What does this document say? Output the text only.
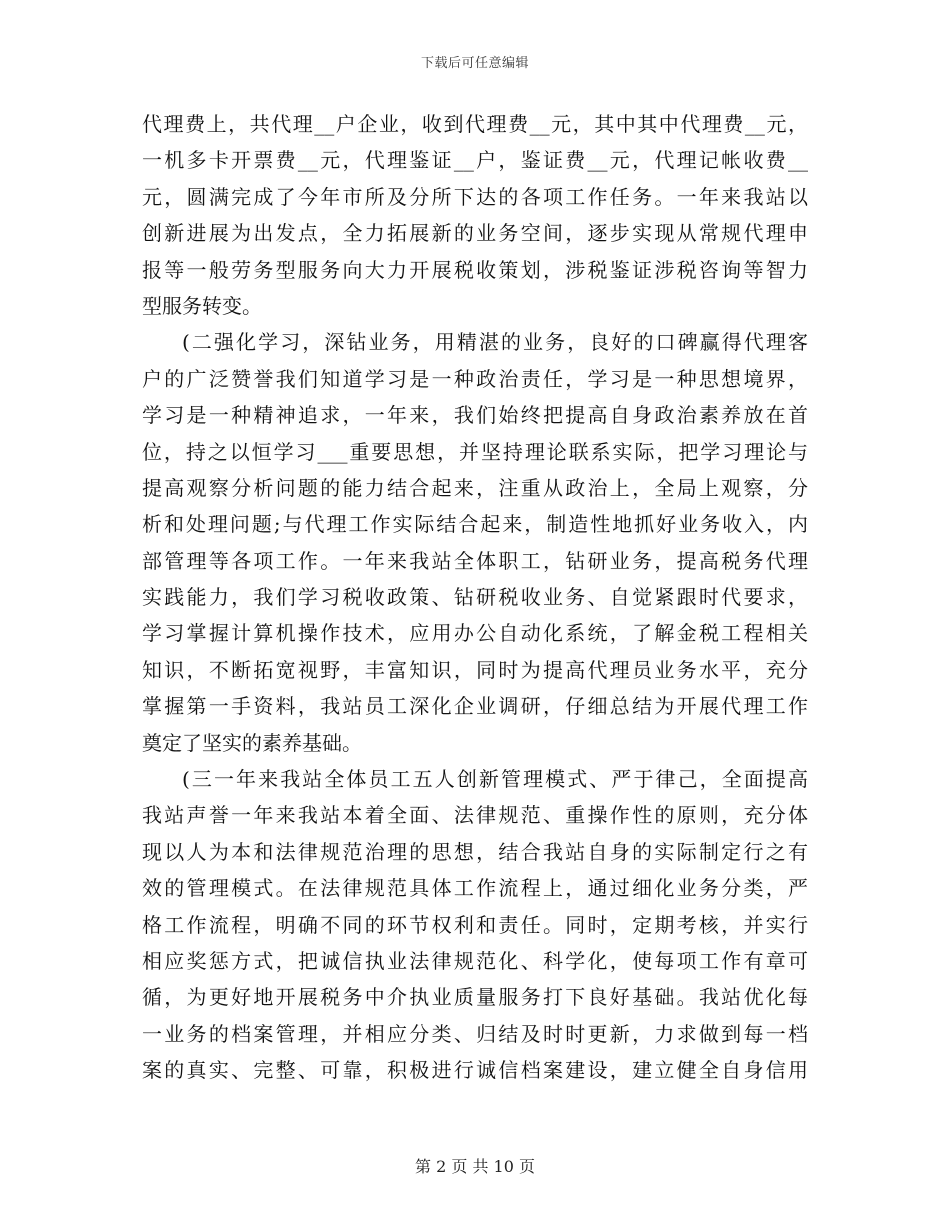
下载后可任意编辑
代理费上，共代理__户企业，收到代理费__元，其中其中代理费__元，
一机多卡开票费__元，代理鉴证__户，鉴证费__元，代理记帐收费__
元，圆满完成了今年市所及分所下达的各项工作任务。一年来我站以
创新进展为出发点，全力拓展新的业务空间，逐步实现从常规代理申
报等一般劳务型服务向大力开展税收策划，涉税鉴证涉税咨询等智力
型服务转变。
(二强化学习，深钻业务，用精湛的业务，良好的口碑赢得代理客
户的广泛赞誉我们知道学习是一种政治责任，学习是一种思想境界，
学习是一种精神追求，一年来，我们始终把提高自身政治素养放在首
位，持之以恒学习___重要思想，并坚持理论联系实际，把学习理论与
提高观察分析问题的能力结合起来，注重从政治上，全局上观察，分
析和处理问题;与代理工作实际结合起来，制造性地抓好业务收入，内
部管理等各项工作。一年来我站全体职工，钻研业务，提高税务代理
实践能力，我们学习税收政策、钻研税收业务、自觉紧跟时代要求，
学习掌握计算机操作技术，应用办公自动化系统，了解金税工程相关
知识，不断拓宽视野，丰富知识，同时为提高代理员业务水平，充分
掌握第一手资料，我站员工深化企业调研，仔细总结为开展代理工作
奠定了坚实的素养基础。
(三一年来我站全体员工五人创新管理模式、严于律己，全面提高
我站声誉一年来我站本着全面、法律规范、重操作性的原则，充分体
现以人为本和法律规范治理的思想，结合我站自身的实际制定行之有
效的管理模式。在法律规范具体工作流程上，通过细化业务分类，严
格工作流程，明确不同的环节权利和责任。同时，定期考核，并实行
相应奖惩方式，把诚信执业法律规范化、科学化，使每项工作有章可
循，为更好地开展税务中介执业质量服务打下良好基础。我站优化每
一业务的档案管理，并相应分类、归结及时时更新，力求做到每一档
案的真实、完整、可靠，积极进行诚信档案建设，建立健全自身信用
第 2 页 共 10 页
